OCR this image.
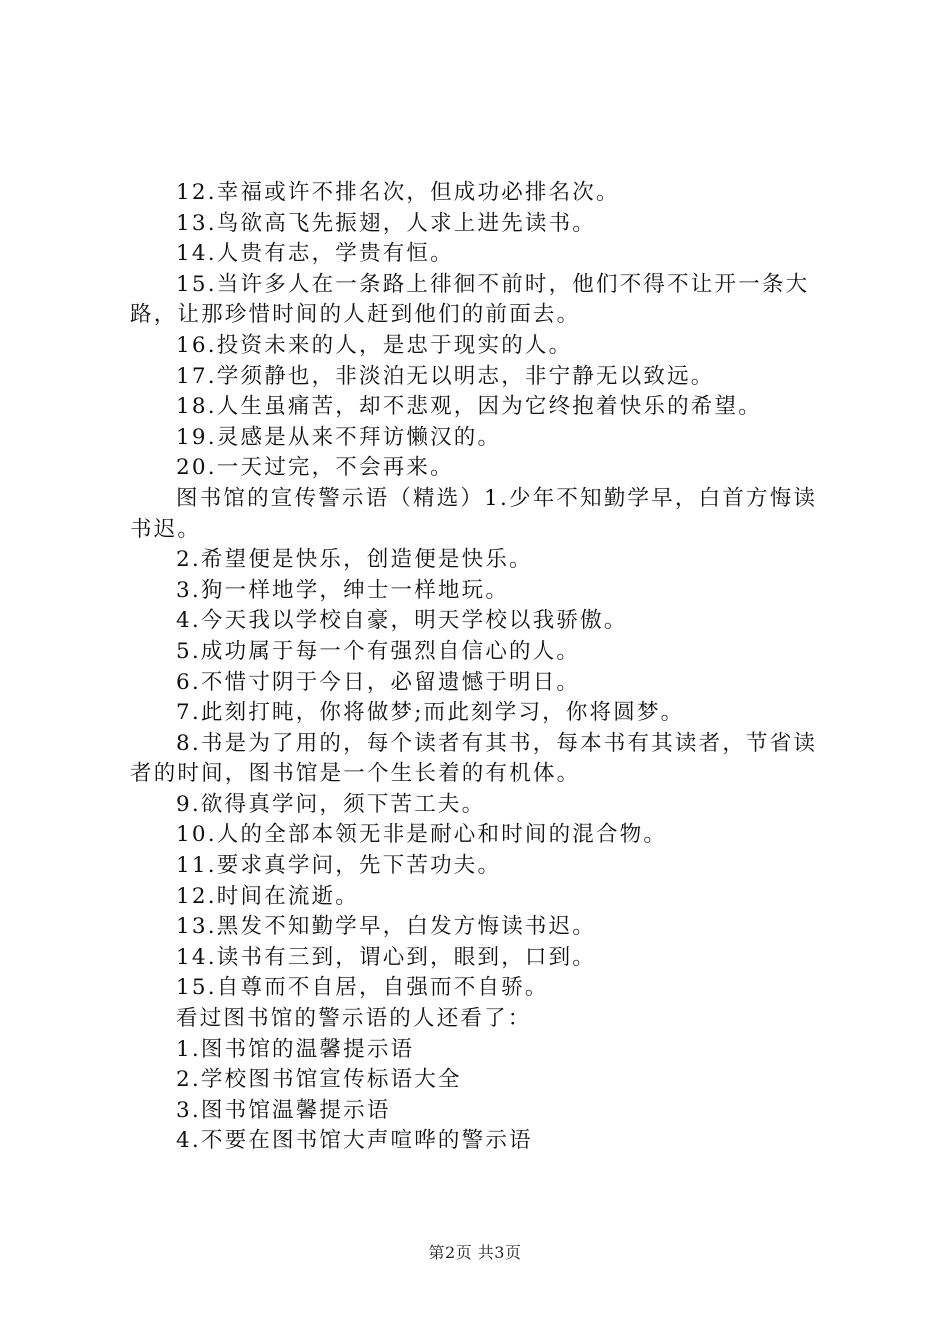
12.幸福或许不排名次，但成功必排名次。

13.鸟欲高飞先振翅，人求上进先读书。

14.人贵有志，学贵有恒。

15.当许多人在一条路上徘徊不前时，他们不得不让开一条大路，让那珍惜时间的人赶到他们的前面去。

16.投资未来的人，是忠于现实的人。

17.学须静也，非淡泊无以明志，非宁静无以致远。

18.人生虽痛苦，却不悲观，因为它终抱着快乐的希望。

19.灵感是从来不拜访懒汉的。

20.一天过完，不会再来。

图书馆的宣传警示语（精选）1.少年不知勤学早，白首方悔读书迟。

2.希望便是快乐，创造便是快乐。

3.狗一样地学，绅士一样地玩。

4.今天我以学校自豪，明天学校以我骄傲。

5.成功属于每一个有强烈自信心的人。

6.不惜寸阴于今日，必留遗憾于明日。

7.此刻打盹，你将做梦;而此刻学习，你将圆梦。

8.书是为了用的，每个读者有其书，每本书有其读者，节省读者的时间，图书馆是一个生长着的有机体。

9.欲得真学问，须下苦工夫。

10.人的全部本领无非是耐心和时间的混合物。

11.要求真学问，先下苦功夫。

12.时间在流逝。

13.黑发不知勤学早，白发方悔读书迟。

14.读书有三到，谓心到，眼到，口到。

15.自尊而不自居，自强而不自骄。

看过图书馆的警示语的人还看了：

1.图书馆的温馨提示语

2.学校图书馆宣传标语大全

3.图书馆温馨提示语

4.不要在图书馆大声喧哗的警示语

第2页 共3页
